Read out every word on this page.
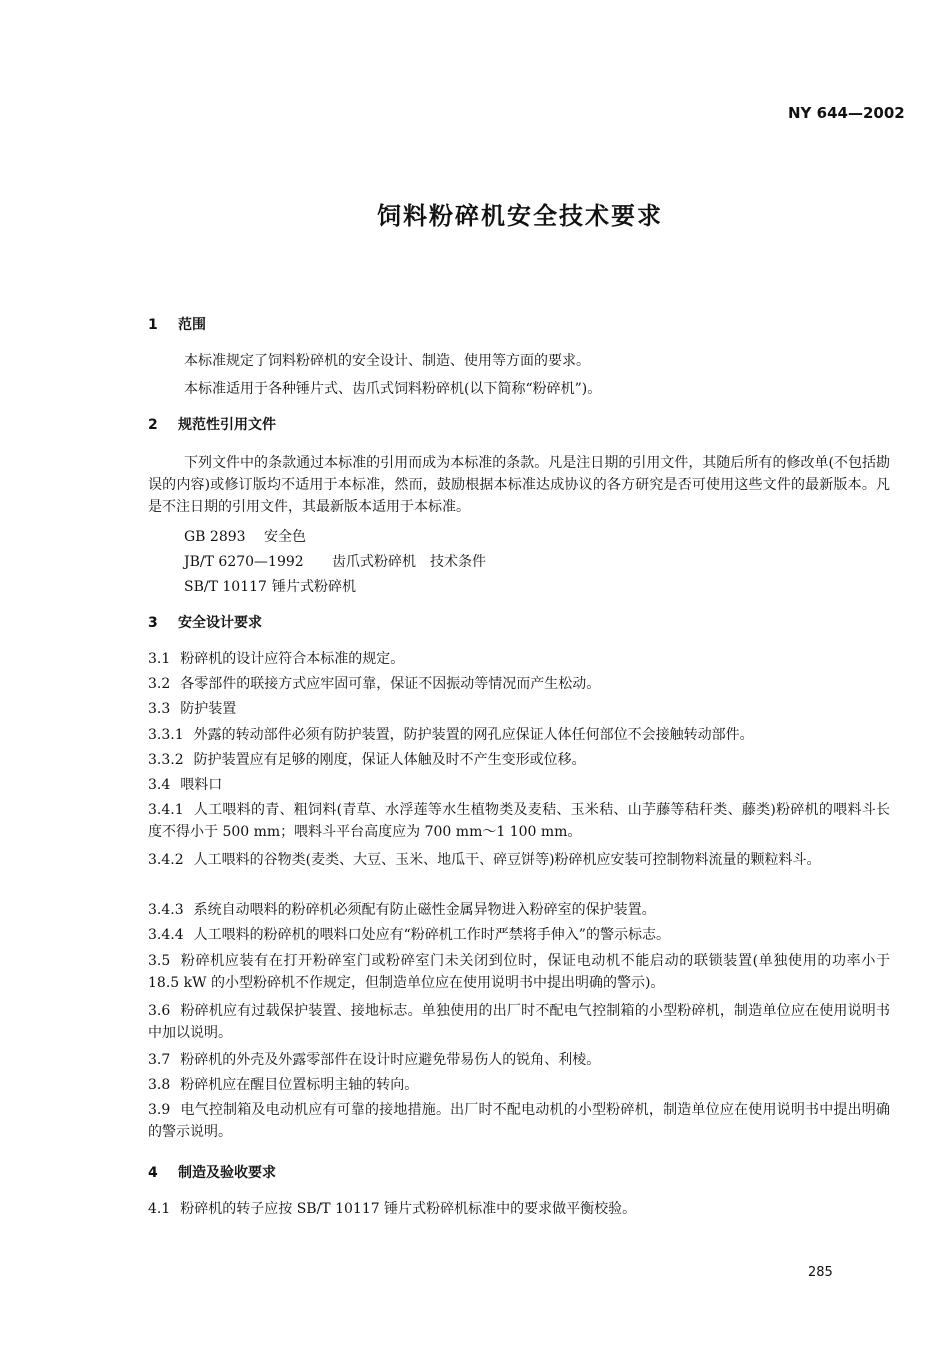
NY 644—2002
饲料粉碎机安全技术要求
1 范围
本标准规定了饲料粉碎机的安全设计、制造、使用等方面的要求。
本标准适用于各种锤片式、齿爪式饲料粉碎机(以下简称“粉碎机”)。
2 规范性引用文件
下列文件中的条款通过本标准的引用而成为本标准的条款。凡是注日期的引用文件，其随后所有的修改单(不包括勘误的内容)或修订版均不适用于本标准，然而，鼓励根据本标准达成协议的各方研究是否可使用这些文件的最新版本。凡是不注日期的引用文件，其最新版本适用于本标准。
GB 2893 安全色
JB/T 6270—1992 齿爪式粉碎机　技术条件
SB/T 10117 锤片式粉碎机
3 安全设计要求
3.1 粉碎机的设计应符合本标准的规定。
3.2 各零部件的联接方式应牢固可靠，保证不因振动等情况而产生松动。
3.3 防护装置
3.3.1 外露的转动部件必须有防护装置，防护装置的网孔应保证人体任何部位不会接触转动部件。
3.3.2 防护装置应有足够的刚度，保证人体触及时不产生变形或位移。
3.4 喂料口
3.4.1 人工喂料的青、粗饲料(青草、水浮莲等水生植物类及麦秸、玉米秸、山芋藤等秸秆类、藤类)粉碎机的喂料斗长度不得小于 500 mm；喂料斗平台高度应为 700 mm～1 100 mm。
3.4.2 人工喂料的谷物类(麦类、大豆、玉米、地瓜干、碎豆饼等)粉碎机应安装可控制物料流量的颗粒料斗。
3.4.3 系统自动喂料的粉碎机必须配有防止磁性金属异物进入粉碎室的保护装置。
3.4.4 人工喂料的粉碎机的喂料口处应有“粉碎机工作时严禁将手伸入”的警示标志。
3.5 粉碎机应装有在打开粉碎室门或粉碎室门未关闭到位时，保证电动机不能启动的联锁装置(单独使用的功率小于 18.5 kW 的小型粉碎机不作规定，但制造单位应在使用说明书中提出明确的警示)。
3.6 粉碎机应有过载保护装置、接地标志。单独使用的出厂时不配电气控制箱的小型粉碎机，制造单位应在使用说明书中加以说明。
3.7 粉碎机的外壳及外露零部件在设计时应避免带易伤人的锐角、利棱。
3.8 粉碎机应在醒目位置标明主轴的转向。
3.9 电气控制箱及电动机应有可靠的接地措施。出厂时不配电动机的小型粉碎机，制造单位应在使用说明书中提出明确的警示说明。
4 制造及验收要求
4.1 粉碎机的转子应按 SB/T 10117 锤片式粉碎机标准中的要求做平衡校验。
285
